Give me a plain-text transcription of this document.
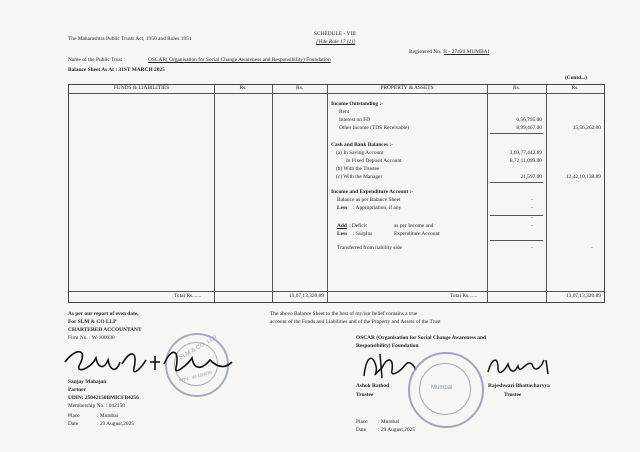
The Maharashtra Public Trusts Act, 1950 and Rules 1951
SCHEDULE - VIII
[Vide Rule 17 (1)]
Registered No. : E - 27420 MUMBAI
Name of the Public Trust :	OSCAR( Organisation for Social Change Awareness and Responsibility) Foundation
Balance Sheet As At : 31ST MARCH 2025
(Contd...)
FUNDS & LIABILITIES	Rs.	Rs.	PROPERTY & ASSETS	Rs.	Rs.
Income Outstanding :-
Rent
Interest on FD	6,56,795.00
Other Income (TDS Receivable)	8,99,467.00	15,56,262.00
Cash and Bank Balances :-
(a) In Saving Account	3,69,77,442.89
In Fixed Deposit Account	8,72,11,099.00
(b) With the Trustee
(c) With the Manager	21,597.00	12,42,10,138.89
Income and Expenditure Account :-
Balance as per Balance Sheet	-
Less : Appropriation, if any	-
-
Add : Deficit	as per Income and	-
Less : Surplus	Expenditure Account
Transferred from liability side	-	-
Total Rs.......	13,07,13,320.89	Total Rs.......	13,07,13,320.89
As per our report of even date,
For SLM & CO LLP
CHARTERED ACCOUNTANT
Firm No. : W-100030	SLM & CO. LLP
FRN : W-100030
Sanjay Mahajan
Partner
UDIN: 25042150BMICFB4256
Membership No. : 042150
Place	: Mumbai
Date	: 29 August,2025
The above Balance Sheet to the best of my/our belief contains a true
account of the Funds and Liabilities and of the Property and Assets of the Trust
OSCAR (Organisation for Social Change Awareness and
Responsibility) Foundation
Mumbai
Ashok Rathod
Trustee
Rajeshwari Bhattacharyya
Trustee
Place : Mumbai
Date : 29 August,2025
